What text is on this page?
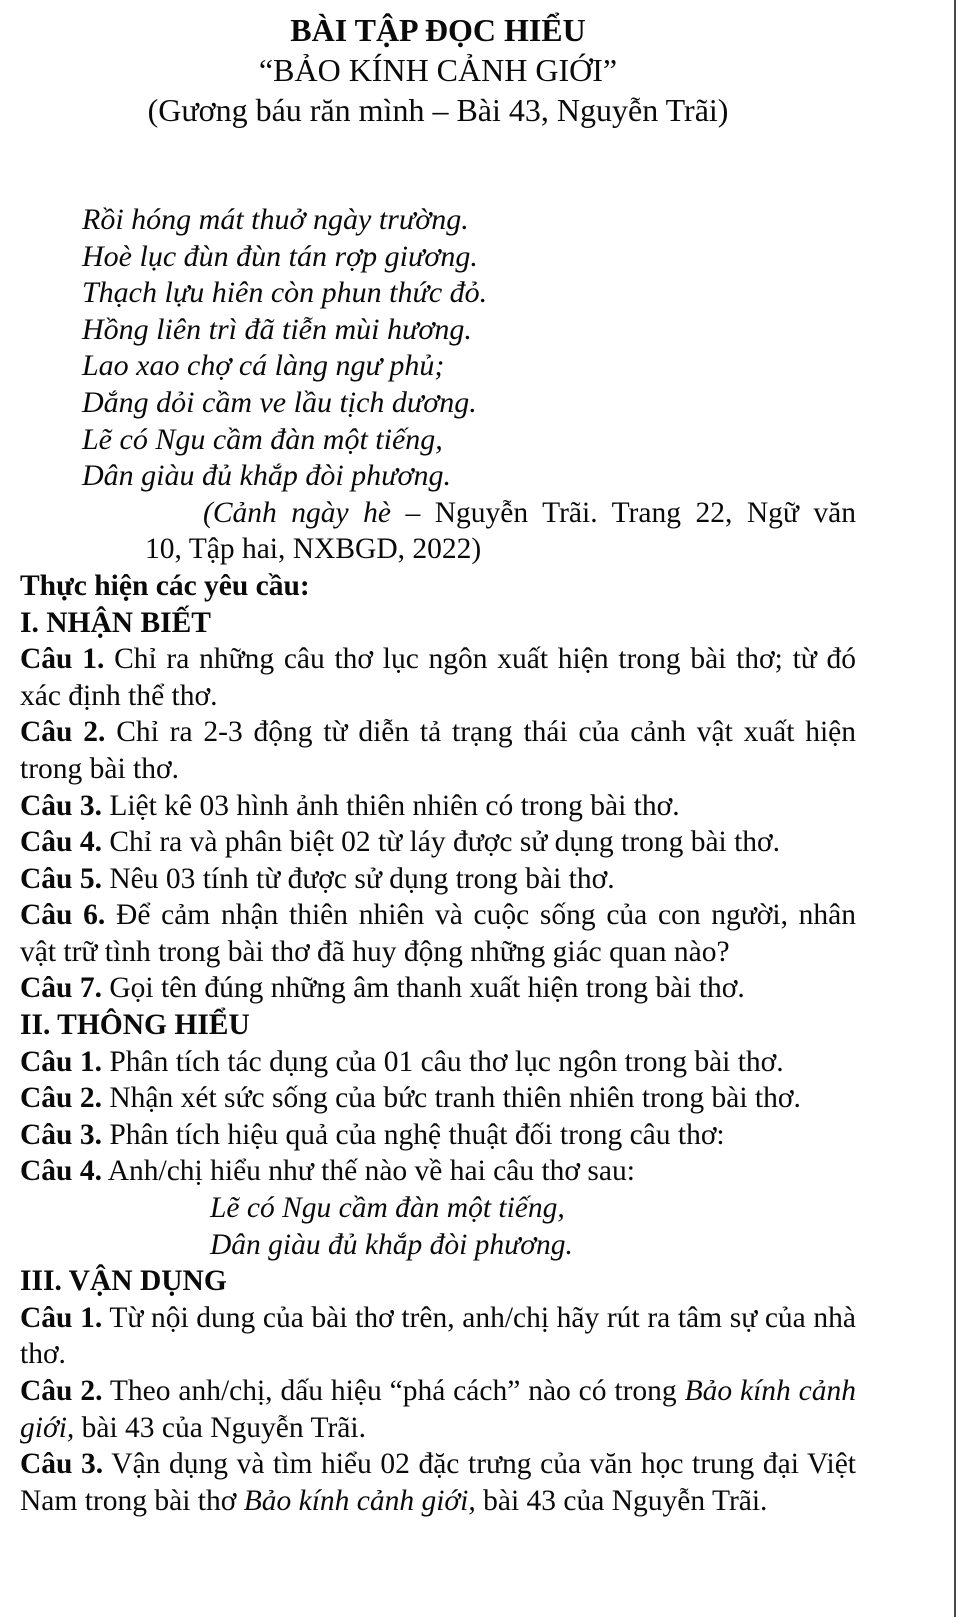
BÀI TẬP ĐỌC HIỂU
“BẢO KÍNH CẢNH GIỚI”
(Gương báu răn mình – Bài 43, Nguyễn Trãi)
Rồi hóng mát thuở ngày trường.
Hoè lục đùn đùn tán rợp giương.
Thạch lựu hiên còn phun thức đỏ.
Hồng liên trì đã tiễn mùi hương.
Lao xao chợ cá làng ngư phủ;
Dắng dỏi cầm ve lầu tịch dương.
Lẽ có Ngu cầm đàn một tiếng,
Dân giàu đủ khắp đòi phương.
(Cảnh ngày hè – Nguyễn Trãi. Trang 22, Ngữ văn
10, Tập hai, NXBGD, 2022)
Thực hiện các yêu cầu:
I. NHẬN BIẾT

Câu 1. Chỉ ra những câu thơ lục ngôn xuất hiện trong bài thơ; từ đó xác định thể thơ.

Câu 2. Chỉ ra 2-3 động từ diễn tả trạng thái của cảnh vật xuất hiện trong bài thơ.

Câu 3. Liệt kê 03 hình ảnh thiên nhiên có trong bài thơ.

Câu 4. Chỉ ra và phân biệt 02 từ láy được sử dụng trong bài thơ.

Câu 5. Nêu 03 tính từ được sử dụng trong bài thơ.

Câu 6. Để cảm nhận thiên nhiên và cuộc sống của con người, nhân vật trữ tình trong bài thơ đã huy động những giác quan nào?

Câu 7. Gọi tên đúng những âm thanh xuất hiện trong bài thơ.

II. THÔNG HIỂU

Câu 1. Phân tích tác dụng của 01 câu thơ lục ngôn trong bài thơ.

Câu 2. Nhận xét sức sống của bức tranh thiên nhiên trong bài thơ.

Câu 3. Phân tích hiệu quả của nghệ thuật đối trong câu thơ:

Câu 4. Anh/chị hiểu như thế nào về hai câu thơ sau:

Lẽ có Ngu cầm đàn một tiếng,
Dân giàu đủ khắp đòi phương.
III. VẬN DỤNG

Câu 1. Từ nội dung của bài thơ trên, anh/chị hãy rút ra tâm sự của nhà thơ.

Câu 2. Theo anh/chị, dấu hiệu “phá cách” nào có trong Bảo kính cảnh giới, bài 43 của Nguyễn Trãi.

Câu 3. Vận dụng và tìm hiểu 02 đặc trưng của văn học trung đại Việt Nam trong bài thơ Bảo kính cảnh giới, bài 43 của Nguyễn Trãi.
